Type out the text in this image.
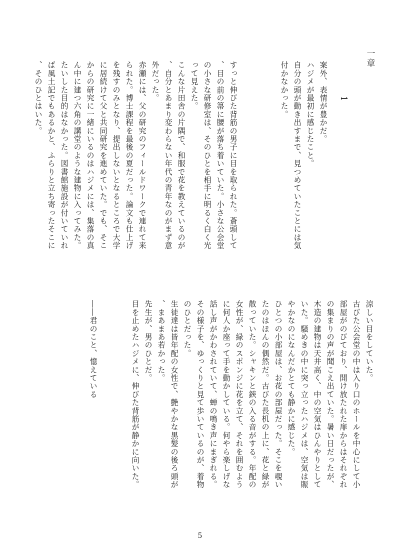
一章
1

案外、表情が豊かだ。

ハジメが最初に感じたこと。

自分の頭が動き出すまで、見つめていたことには気
付かなかった。

すっと伸びた背筋の男子に目を取られた。蒼頭して
、目の前の箒に腰が落ち着いていた。小さな公会堂
の小さな研修室は、そのひとを相手に明るく白く光
って見えた。

こんな片田舎の片隅で、和服で花を教えているのが
、自分とあまり変わらない年代の青年なのがまず意
外だった。

赤瀬には、父の研究のフィールドワークで連れて来
られた。博士課程を最後の夏だった。論文も仕上げ
を残すのみとなり、提出しないとなるところで大学
に居続けて父と共同研究を進めていた。でも、そこ
からの研究に一緒にいるのはハジメには、集落の真
ん中に建つ六角の講堂のような建物に入ってみた。
たいした目的はなかった。図書館施設が付いていれ
ば風土記でもあるかと、ふらりと立ち寄ったそこに
、そのひとはいた。

涼しい目をしていた。

古びた公会堂の中は入り口のホールを中心にして小
部屋がのびており、開け放たれた扉からはそれぞれ
の集まりの声が聞こえ出ていた。暑い日だったが、
木造の建物は天井高く、中の空気はひんやりとして
いた。騒めきの中に突っ立ったハジメは、空気は賑
やかなのになんだかとても静かに感じた。

ひとつの小部屋は、お花の部屋だった。そこを覗い
たのはほんの偶然だ。古びた長机の上に、花と緑が
散っていた。シャキンと鋏の入る音がする。年配の
女性が、緑のスポンジに花を立て、それを囲むよう
に何人か座って手を動かしている。何やら楽しげな
話し声がかわされていて、蝉の鳴き声にまぎれる。

その様子を、ゆっくりと見て歩いているのが、着物
のひとだった。

生徒達は皆年配の女性で、艶やかな黒髪の後ろ頭が
、まあまあ若かった。

先生が、男のひとだ。

目を止めたハジメに、伸びた背筋が静かに向いた。

――君のこと、憶えている

5
